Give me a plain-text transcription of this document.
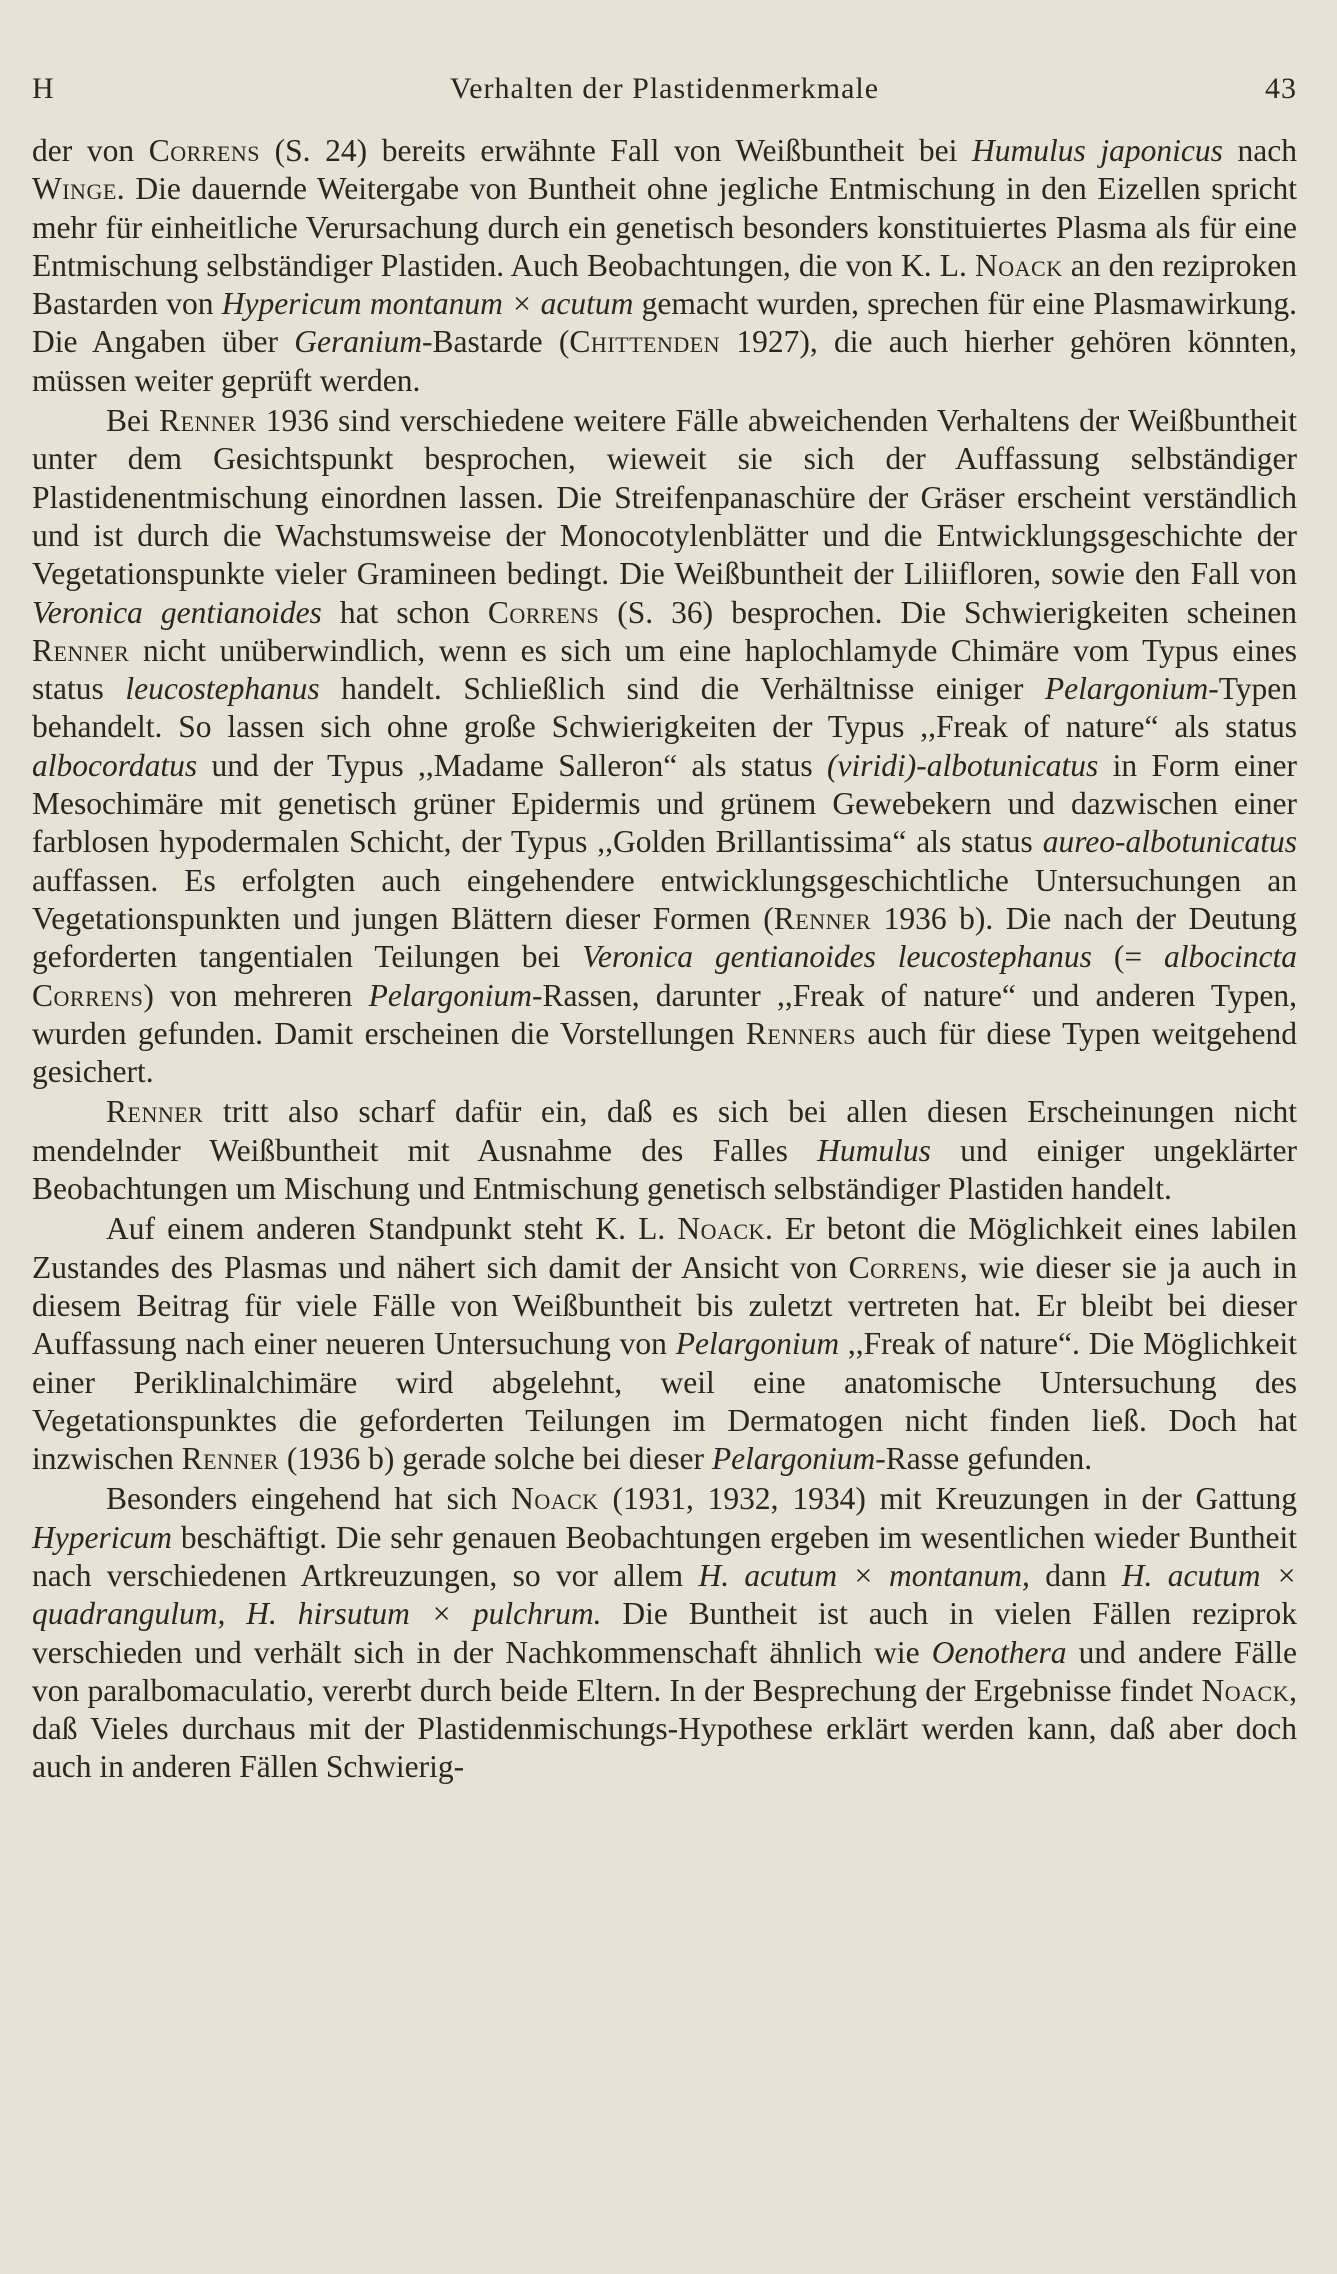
H	Verhalten der Plastidenmerkmale	43

der von Correns (S. 24) bereits erwähnte Fall von Weißbuntheit bei Humulus japonicus nach Winge. Die dauernde Weitergabe von Buntheit ohne jegliche Entmischung in den Eizellen spricht mehr für einheitliche Verursachung durch ein genetisch besonders konstituiertes Plasma als für eine Entmischung selbständiger Plastiden. Auch Beobachtungen, die von K. L. Noack an den reziproken Bastarden von Hypericum montanum × acutum gemacht wurden, sprechen für eine Plasmawirkung. Die Angaben über Geranium-Bastarde (Chittenden 1927), die auch hierher gehören könnten, müssen weiter geprüft werden.

Bei Renner 1936 sind verschiedene weitere Fälle abweichenden Verhaltens der Weißbuntheit unter dem Gesichtspunkt besprochen, wieweit sie sich der Auffassung selbständiger Plastidenentmischung einordnen lassen. Die Streifenpanaschüre der Gräser erscheint verständlich und ist durch die Wachstumsweise der Monocotylenblätter und die Entwicklungsgeschichte der Vegetationspunkte vieler Gramineen bedingt. Die Weißbuntheit der Liliifloren, sowie den Fall von Veronica gentianoides hat schon Correns (S. 36) besprochen. Die Schwierigkeiten scheinen Renner nicht unüberwindlich, wenn es sich um eine haplochlamyde Chimäre vom Typus eines status leucostephanus handelt. Schließlich sind die Verhältnisse einiger Pelargonium-Typen behandelt. So lassen sich ohne große Schwierigkeiten der Typus ,,Freak of nature“ als status albocordatus und der Typus ,,Madame Salleron“ als status (viridi)-albotunicatus in Form einer Mesochimäre mit genetisch grüner Epidermis und grünem Gewebekern und dazwischen einer farblosen hypodermalen Schicht, der Typus ,,Golden Brillantissima“ als status aureo-albotunicatus auffassen. Es erfolgten auch eingehendere entwicklungsgeschichtliche Untersuchungen an Vegetationspunkten und jungen Blättern dieser Formen (Renner 1936 b). Die nach der Deutung geforderten tangentialen Teilungen bei Veronica gentianoides leucostephanus (= albocincta Correns) von mehreren Pelargonium-Rassen, darunter ,,Freak of nature“ und anderen Typen, wurden gefunden. Damit erscheinen die Vorstellungen Renners auch für diese Typen weitgehend gesichert.

Renner tritt also scharf dafür ein, daß es sich bei allen diesen Erscheinungen nicht mendelnder Weißbuntheit mit Ausnahme des Falles Humulus und einiger ungeklärter Beobachtungen um Mischung und Entmischung genetisch selbständiger Plastiden handelt.

Auf einem anderen Standpunkt steht K. L. Noack. Er betont die Möglichkeit eines labilen Zustandes des Plasmas und nähert sich damit der Ansicht von Correns, wie dieser sie ja auch in diesem Beitrag für viele Fälle von Weißbuntheit bis zuletzt vertreten hat. Er bleibt bei dieser Auffassung nach einer neueren Untersuchung von Pelargonium ,,Freak of nature“. Die Möglichkeit einer Periklinalchimäre wird abgelehnt, weil eine anatomische Untersuchung des Vegetationspunktes die geforderten Teilungen im Dermatogen nicht finden ließ. Doch hat inzwischen Renner (1936 b) gerade solche bei dieser Pelargonium-Rasse gefunden.

Besonders eingehend hat sich Noack (1931, 1932, 1934) mit Kreuzungen in der Gattung Hypericum beschäftigt. Die sehr genauen Beobachtungen ergeben im wesentlichen wieder Buntheit nach verschiedenen Artkreuzungen, so vor allem H. acutum × montanum, dann H. acutum × quadrangulum, H. hirsutum × pulchrum. Die Buntheit ist auch in vielen Fällen reziprok verschieden und verhält sich in der Nachkommenschaft ähnlich wie Oenothera und andere Fälle von paralbomaculatio, vererbt durch beide Eltern. In der Besprechung der Ergebnisse findet Noack, daß Vieles durchaus mit der Plastidenmischungs-Hypothese erklärt werden kann, daß aber doch auch in anderen Fällen Schwierig-
